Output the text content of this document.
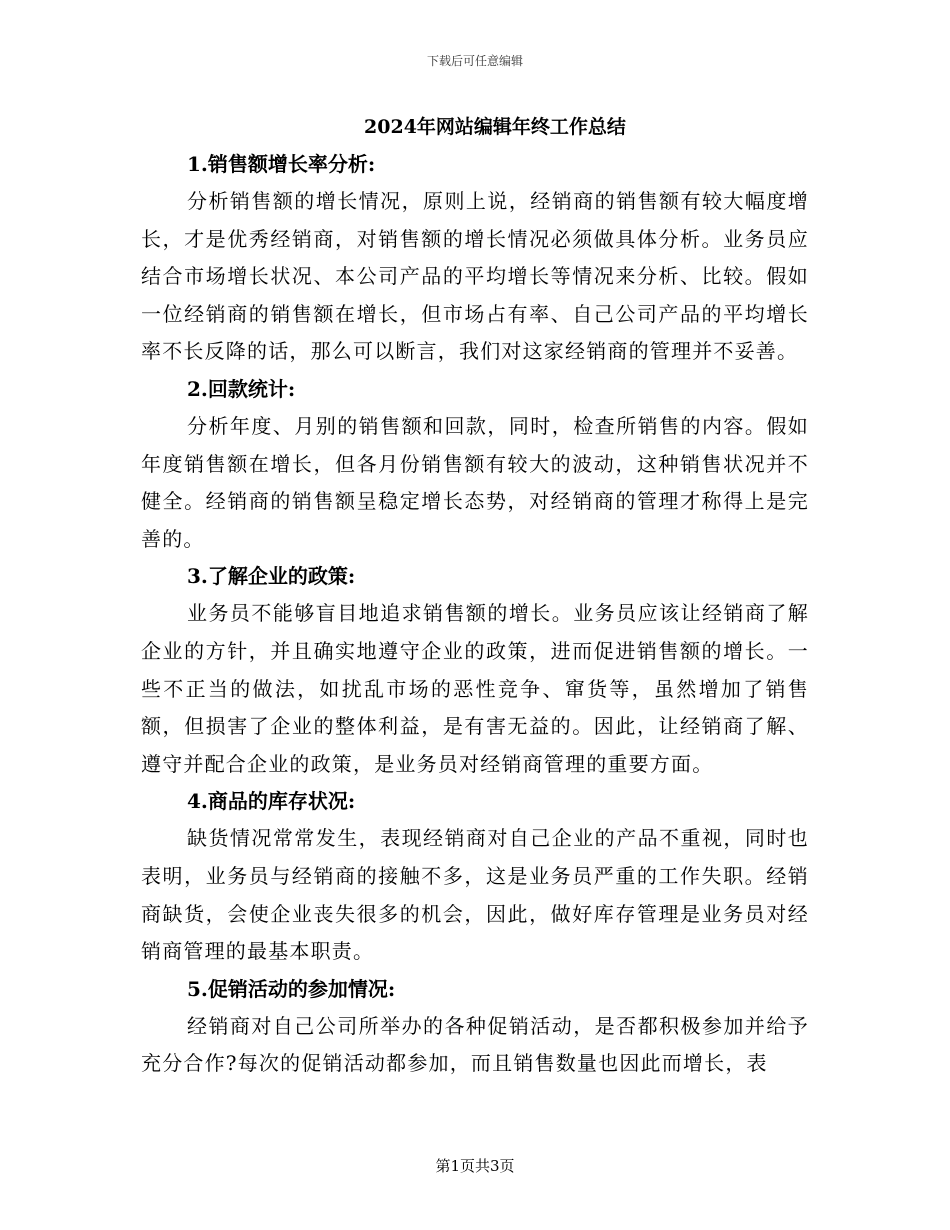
下载后可任意编辑
2024年网站编辑年终工作总结

1.销售额增长率分析:

分析销售额的增长情况，原则上说，经销商的销售额有较大幅度增长，才是优秀经销商，对销售额的增长情况必须做具体分析。业务员应结合市场增长状况、本公司产品的平均增长等情况来分析、比较。假如一位经销商的销售额在增长，但市场占有率、自己公司产品的平均增长率不长反降的话，那么可以断言，我们对这家经销商的管理并不妥善。

2.回款统计:

分析年度、月别的销售额和回款，同时，检查所销售的内容。假如年度销售额在增长，但各月份销售额有较大的波动，这种销售状况并不健全。经销商的销售额呈稳定增长态势，对经销商的管理才称得上是完善的。

3.了解企业的政策:

业务员不能够盲目地追求销售额的增长。业务员应该让经销商了解企业的方针，并且确实地遵守企业的政策，进而促进销售额的增长。一些不正当的做法，如扰乱市场的恶性竞争、窜货等，虽然增加了销售额，但损害了企业的整体利益，是有害无益的。因此，让经销商了解、遵守并配合企业的政策，是业务员对经销商管理的重要方面。

4.商品的库存状况:

缺货情况常常发生，表现经销商对自己企业的产品不重视，同时也表明，业务员与经销商的接触不多，这是业务员严重的工作失职。经销商缺货，会使企业丧失很多的机会，因此，做好库存管理是业务员对经销商管理的最基本职责。

5.促销活动的参加情况:

经销商对自己公司所举办的各种促销活动，是否都积极参加并给予充分合作?每次的促销活动都参加，而且销售数量也因此而增长，表

第1页共3页
